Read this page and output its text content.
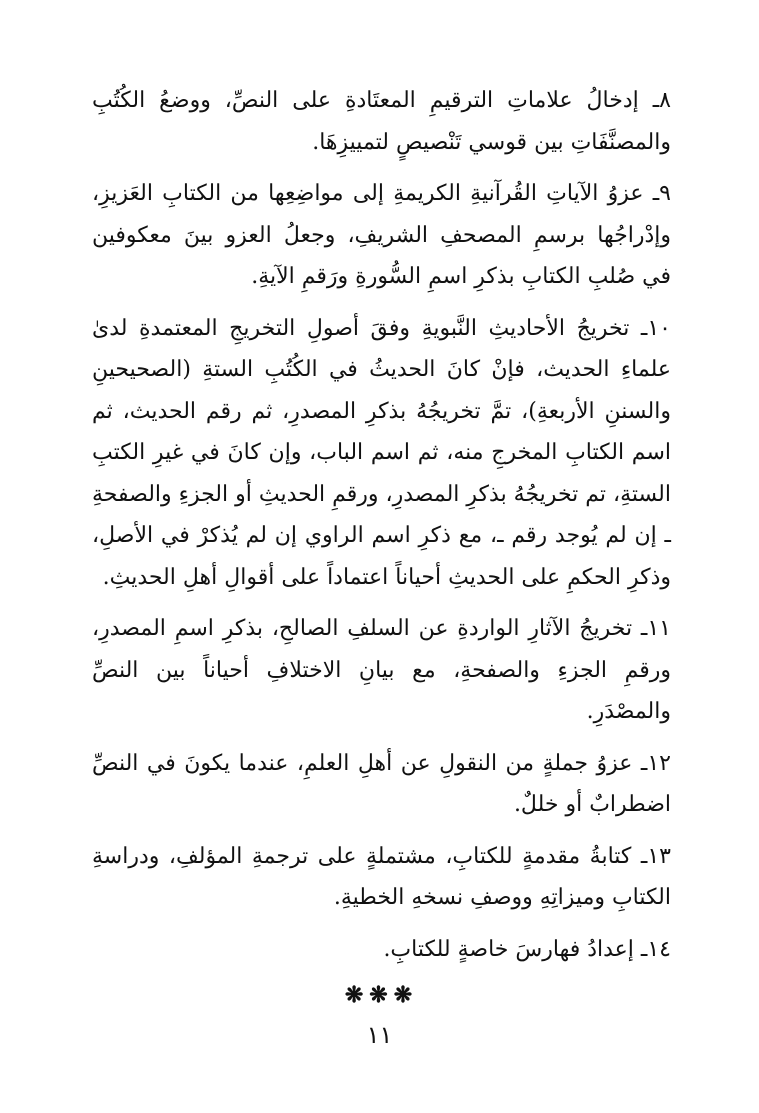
٨ـ إدخالُ علاماتِ الترقيمِ المعتَادةِ على النصِّ، ووضعُ الكُتُبِ والمصنَّفَاتِ بين قوسي تَنْصيصٍ لتمييزِهَا.

٩ـ عزوُ الآياتِ القُرآنيةِ الكريمةِ إلى مواضِعِها من الكتابِ العَزيزِ، وإدْراجُها برسمِ المصحفِ الشريفِ، وجعلُ العزو بينَ معكوفين في صُلبِ الكتابِ بذكرِ اسمِ السُّورةِ ورَقمِ الآيةِ.

١٠ـ تخريجُ الأحاديثِ النَّبويةِ وفقَ أصولِ التخريجِ المعتمدةِ لدىٰ علماءِ الحديث، فإنْ كانَ الحديثُ في الكُتُبِ الستةِ (الصحيحينِ والسننِ الأربعةِ)، تمَّ تخريجُهُ بذكرِ المصدرِ، ثم رقم الحديث، ثم اسم الكتابِ المخرجِ منه، ثم اسم الباب، وإن كانَ في غيرِ الكتبِ الستةِ، تم تخريجُهُ بذكرِ المصدرِ، ورقمِ الحديثِ أو الجزءِ والصفحةِ ـ إن لم يُوجد رقم ـ، مع ذكرِ اسم الراوي إن لم يُذكرْ في الأصلِ، وذكرِ الحكمِ على الحديثِ أحياناً اعتماداً على أقوالِ أهلِ الحديثِ.

١١ـ تخريجُ الآثارِ الواردةِ عن السلفِ الصالحِ، بذكرِ اسمِ المصدرِ، ورقمِ الجزءِ والصفحةِ، مع بيانِ الاختلافِ أحياناً بين النصِّ والمصْدَرِ.

١٢ـ عزوُ جملةٍ من النقولِ عن أهلِ العلمِ، عندما يكونَ في النصِّ اضطرابٌ أو خللٌ.

١٣ـ كتابةُ مقدمةٍ للكتابِ، مشتملةٍ على ترجمةِ المؤلفِ، ودراسةِ الكتابِ وميزاتِهِ ووصفِ نسخهِ الخطيةِ.

١٤ـ إعدادُ فهارسَ خاصةٍ للكتابِ.

❋❋❋
١١
